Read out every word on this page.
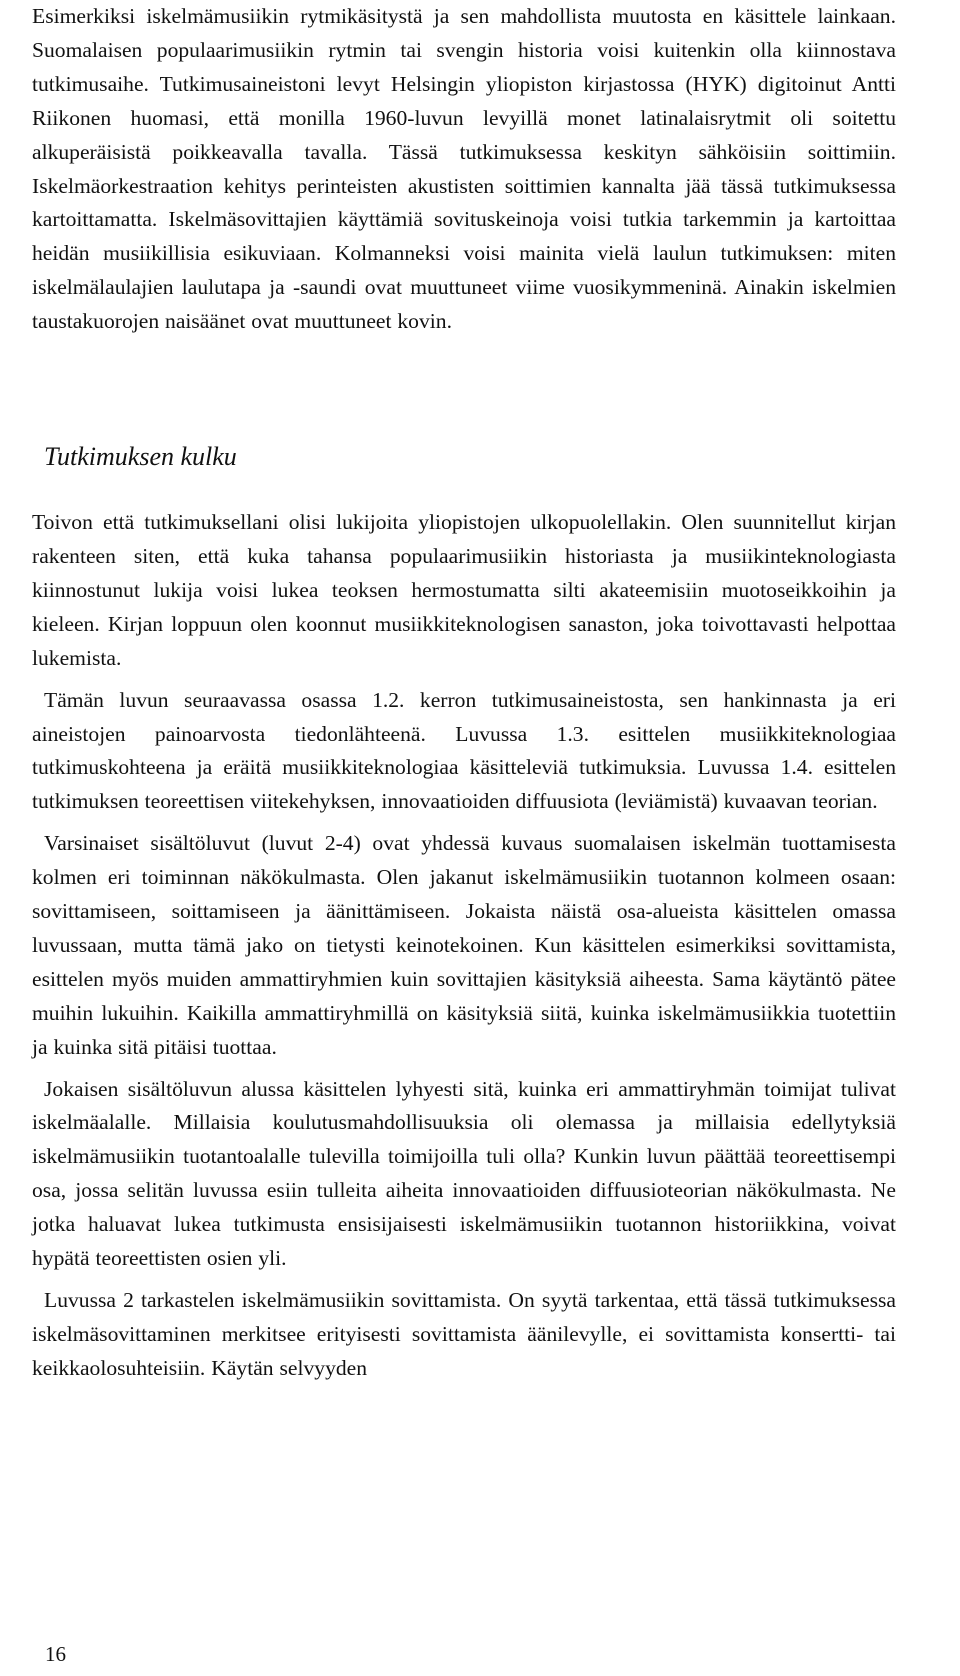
Esimerkiksi iskelmämusiikin rytmikäsitystä ja sen mahdollista muutosta en käsittele lainkaan. Suomalaisen populaarimusiikin rytmin tai svengin historia voisi kuitenkin olla kiinnostava tutkimusaihe. Tutkimusaineistoni levyt Helsingin yliopiston kirjastossa (HYK) digitoinut Antti Riikonen huomasi, että monilla 1960-luvun levyillä monet latinalaisrytmit oli soitettu alkuperäisistä poikkeavalla tavalla. Tässä tutkimuksessa keskityn sähköisiin soittimiin. Iskelmäorkestraation kehitys perinteisten akustisten soittimien kannalta jää tässä tutkimuksessa kartoittamatta. Iskelmäsovittajien käyttämiä sovituskeinoja voisi tutkia tarkemmin ja kartoittaa heidän musiikillisia esikuviaan. Kolmanneksi voisi mainita vielä laulun tutkimuksen: miten iskelmälaulajien laulutapa ja -saundi ovat muuttuneet viime vuosikymmeninä. Ainakin iskelmien taustakuorojen naisäänet ovat muuttuneet kovin.

Tutkimuksen kulku

Toivon että tutkimuksellani olisi lukijoita yliopistojen ulkopuolellakin. Olen suunnitellut kirjan rakenteen siten, että kuka tahansa populaarimusiikin historiasta ja musiikinteknologiasta kiinnostunut lukija voisi lukea teoksen hermostumatta silti akateemisiin muotoseikkoihin ja kieleen. Kirjan loppuun olen koonnut musiikkiteknologisen sanaston, joka toivottavasti helpottaa lukemista.

Tämän luvun seuraavassa osassa 1.2. kerron tutkimusaineistosta, sen hankinnasta ja eri aineistojen painoarvosta tiedonlähteenä. Luvussa 1.3. esittelen musiikkiteknologiaa tutkimuskohteena ja eräitä musiikkiteknologiaa käsitteleviä tutkimuksia. Luvussa 1.4. esittelen tutkimuksen teoreettisen viitekehyksen, innovaatioiden diffuusiota (leviämistä) kuvaavan teorian.

Varsinaiset sisältöluvut (luvut 2-4) ovat yhdessä kuvaus suomalaisen iskelmän tuottamisesta kolmen eri toiminnan näkökulmasta. Olen jakanut iskelmämusiikin tuotannon kolmeen osaan: sovittamiseen, soittamiseen ja äänittämiseen. Jokaista näistä osa-alueista käsittelen omassa luvussaan, mutta tämä jako on tietysti keinotekoinen. Kun käsittelen esimerkiksi sovittamista, esittelen myös muiden ammattiryhmien kuin sovittajien käsityksiä aiheesta. Sama käytäntö pätee muihin lukuihin. Kaikilla ammattiryhmillä on käsityksiä siitä, kuinka iskelmämusiikkia tuotettiin ja kuinka sitä pitäisi tuottaa.

Jokaisen sisältöluvun alussa käsittelen lyhyesti sitä, kuinka eri ammattiryhmän toimijat tulivat iskelmäalalle. Millaisia koulutusmahdollisuuksia oli olemassa ja millaisia edellytyksiä iskelmämusiikin tuotantoalalle tulevilla toimijoilla tuli olla? Kunkin luvun päättää teoreettisempi osa, jossa selitän luvussa esiin tulleita aiheita innovaatioiden diffuusioteorian näkökulmasta. Ne jotka haluavat lukea tutkimusta ensisijaisesti iskelmämusiikin tuotannon historiikkina, voivat hypätä teoreettisten osien yli.

Luvussa 2 tarkastelen iskelmämusiikin sovittamista. On syytä tarkentaa, että tässä tutkimuksessa iskelmäsovittaminen merkitsee erityisesti sovittamista äänilevylle, ei sovittamista konsertti- tai keikkaolosuhteisiin. Käytän selvyyden

16
